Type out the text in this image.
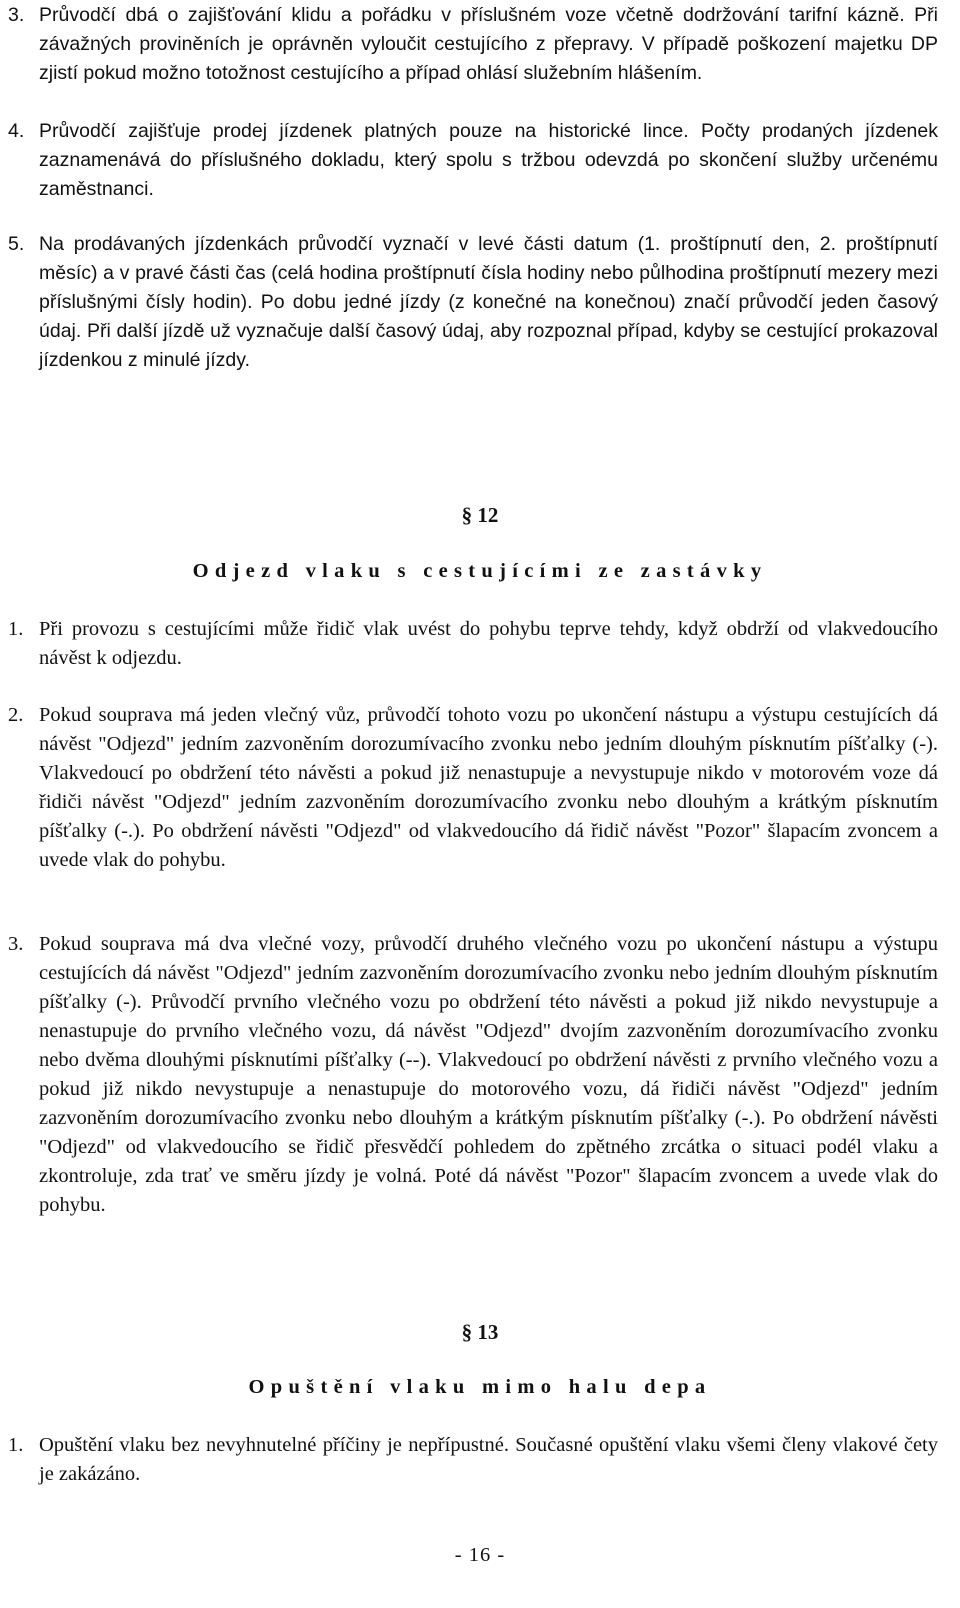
3. Průvodčí dbá o zajišťování klidu a pořádku v příslušném voze včetně dodržování tarifní kázně. Při závažných proviněních je oprávněn vyloučit cestujícího z přepravy. V případě poškození majetku DP zjistí pokud možno totožnost cestujícího a případ ohlásí služebním hlášením.
4. Průvodčí zajišťuje prodej jízdenek platných pouze na historické lince. Počty prodaných jízdenek zaznamenává do příslušného dokladu, který spolu s tržbou odevzdá po skončení služby určenému zaměstnanci.
5. Na prodávaných jízdenkách průvodčí vyznačí v levé části datum (1. proštípnutí den, 2. proštípnutí měsíc) a v pravé části čas (celá hodina proštípnutí čísla hodiny nebo půlhodina proštípnutí mezery mezi příslušnými čísly hodin). Po dobu jedné jízdy (z konečné na konečnou) značí průvodčí jeden časový údaj. Při další jízdě už vyznačuje další časový údaj, aby rozpoznal případ, kdyby se cestující prokazoval jízdenkou z minulé jízdy.
§ 12
Odjezd vlaku s cestujícími ze zastávky
1. Při provozu s cestujícími může řidič vlak uvést do pohybu teprve tehdy, když obdrží od vlakvedoucího návěst k odjezdu.
2. Pokud souprava má jeden vlečný vůz, průvodčí tohoto vozu po ukončení nástupu a výstupu cestujících dá návěst "Odjezd" jedním zazvoněním dorozumívacího zvonku nebo jedním dlouhým písknutím píšťalky (-). Vlakvedoucí po obdržení této návěsti a pokud již nenastupuje a nevystupuje nikdo v motorovém voze dá řidiči návěst "Odjezd" jedním zazvoněním dorozumívacího zvonku nebo dlouhým a krátkým písknutím píšťalky (-.). Po obdržení návěsti "Odjezd" od vlakvedoucího dá řidič návěst "Pozor" šlapacím zvoncem a uvede vlak do pohybu.
3. Pokud souprava má dva vlečné vozy, průvodčí druhého vlečného vozu po ukončení nástupu a výstupu cestujících dá návěst "Odjezd" jedním zazvoněním dorozumívacího zvonku nebo jedním dlouhým písknutím píšťalky (-). Průvodčí prvního vlečného vozu po obdržení této návěsti a pokud již nikdo nevystupuje a nenastupuje do prvního vlečného vozu, dá návěst "Odjezd" dvojím zazvoněním dorozumívacího zvonku nebo dvěma dlouhými písknutími píšťalky (--). Vlakvedoucí po obdržení návěsti z prvního vlečného vozu a pokud již nikdo nevystupuje a nenastupuje do motorového vozu, dá řidiči návěst "Odjezd" jedním zazvoněním dorozumívacího zvonku nebo dlouhým a krátkým písknutím píšťalky (-.). Po obdržení návěsti "Odjezd" od vlakvedoucího se řidič přesvědčí pohledem do zpětného zrcátka o situaci podél vlaku a zkontroluje, zda trať ve směru jízdy je volná. Poté dá návěst "Pozor" šlapacím zvoncem a uvede vlak do pohybu.
§ 13
Opuštění vlaku mimo halu depa
1. Opuštění vlaku bez nevyhnutelné příčiny je nepřípustné. Současné opuštění vlaku všemi členy vlakové čety je zakázáno.
- 16 -
